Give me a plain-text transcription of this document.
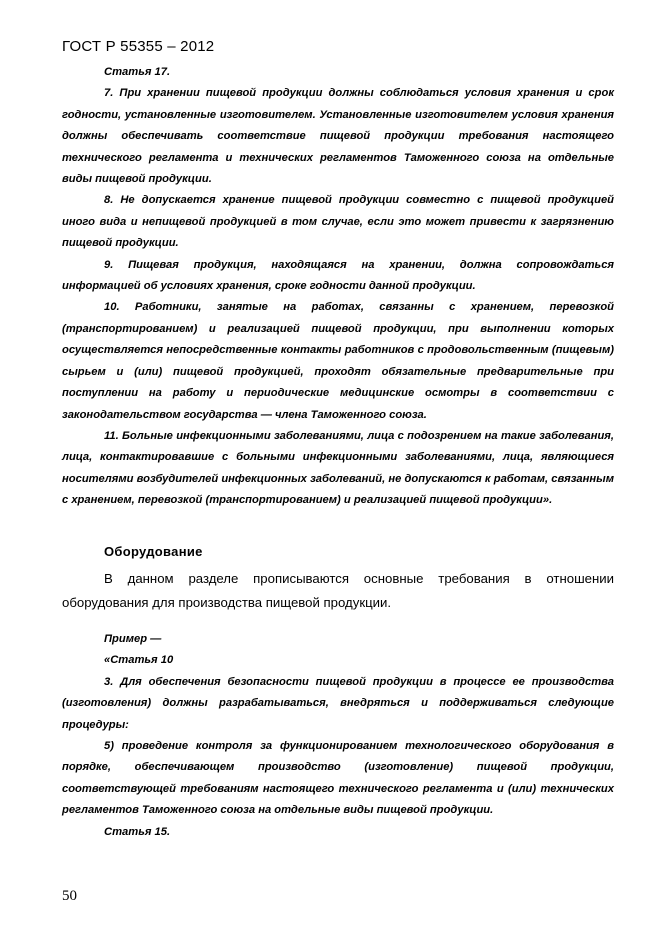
ГОСТ Р 55355 – 2012

Статья 17.

7. При хранении пищевой продукции должны соблюдаться условия хранения и срок годности, установленные изготовителем. Установленные изготовителем условия хранения должны обеспечивать соответствие пищевой продукции требования настоящего технического регламента и технических регламентов Таможенного союза на отдельные виды пищевой продукции.

8. Не допускается хранение пищевой продукции совместно с пищевой продукцией иного вида и непищевой продукцией в том случае, если это может привести к загрязнению пищевой продукции.

9. Пищевая продукция, находящаяся на хранении, должна сопровождаться информацией об условиях хранения, сроке годности данной продукции.

10. Работники, занятые на работах, связанны с хранением, перевозкой (транспортированием) и реализацией пищевой продукции, при выполнении которых осуществляется непосредственные контакты работников с продовольственным (пищевым) сырьем и (или) пищевой продукцией, проходят обязательные предварительные при поступлении на работу и периодические медицинские осмотры в соответствии с законодательством государства — члена Таможенного союза.

11. Больные инфекционными заболеваниями, лица с подозрением на такие заболевания, лица, контактировавшие с больными инфекционными заболеваниями, лица, являющиеся носителями возбудителей инфекционных заболеваний, не допускаются к работам, связанным с хранением, перевозкой (транспортированием) и реализацией пищевой продукции».

Оборудование

В данном разделе прописываются основные требования в отношении оборудования для производства пищевой продукции.

Пример —

«Статья 10

3. Для обеспечения безопасности пищевой продукции в процессе ее производства (изготовления) должны разрабатываться, внедряться и поддерживаться следующие процедуры:

5) проведение контроля за функционированием технологического оборудования в порядке, обеспечивающем производство (изготовление) пищевой продукции, соответствующей требованиям настоящего технического регламента и (или) технических регламентов Таможенного союза на отдельные виды пищевой продукции.

Статья 15.

50
